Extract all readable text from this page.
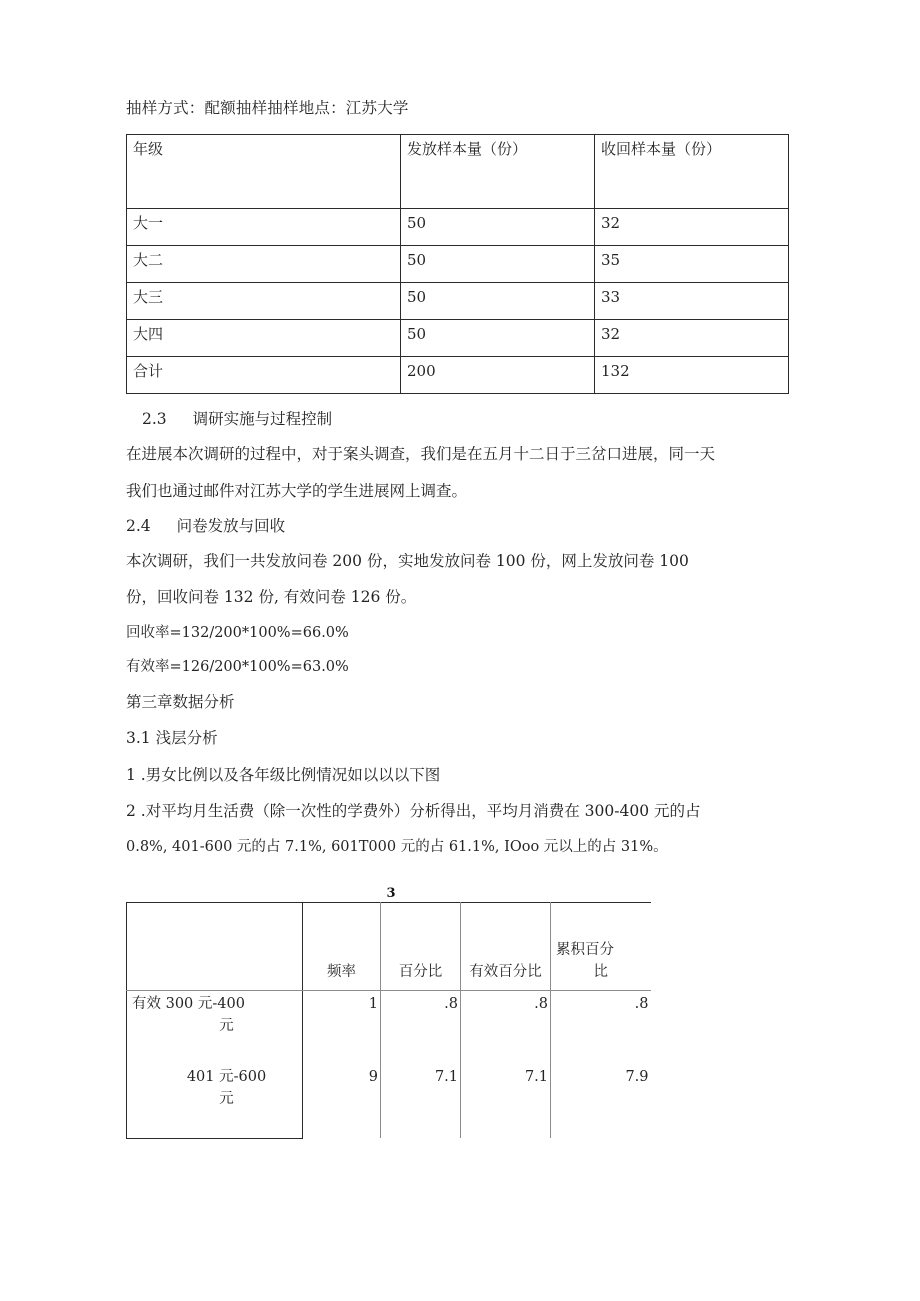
抽样方式：配额抽样抽样地点：江苏大学
年级	发放样本量（份）	收回样本量（份）
大一	50	32
大二	50	35
大三	50	33
大四	50	32
合计	200	132
2.3 调研实施与过程控制
在进展本次调研的过程中，对于案头调查，我们是在五月十二日于三岔口进展，同一天
我们也通过邮件对江苏大学的学生进展网上调查。
2.4 问卷发放与回收
本次调研，我们一共发放问卷 200 份，实地发放问卷 100 份，网上发放问卷 100
份，回收问卷 132 份, 有效问卷 126 份。
回收率=132/200*100%=66.0%
有效率=126/200*100%=63.0%
第三章数据分析
3.1 浅层分析
1 .男女比例以及各年级比例情况如以以以下图
2 .对平均月生活费（除一次性的学费外）分析得出，平均月消费在 300-400 元的占
0.8%, 401-600 元的占 7.1%, 601T000 元的占 61.1%, IOoo 元以上的占 31%。
3
	频率	百分比	有效百分比	累积百分
比

有效 300 元-400
元	1	.8	.8	.8

401 元-600
元	9	7.1	7.1	7.9
